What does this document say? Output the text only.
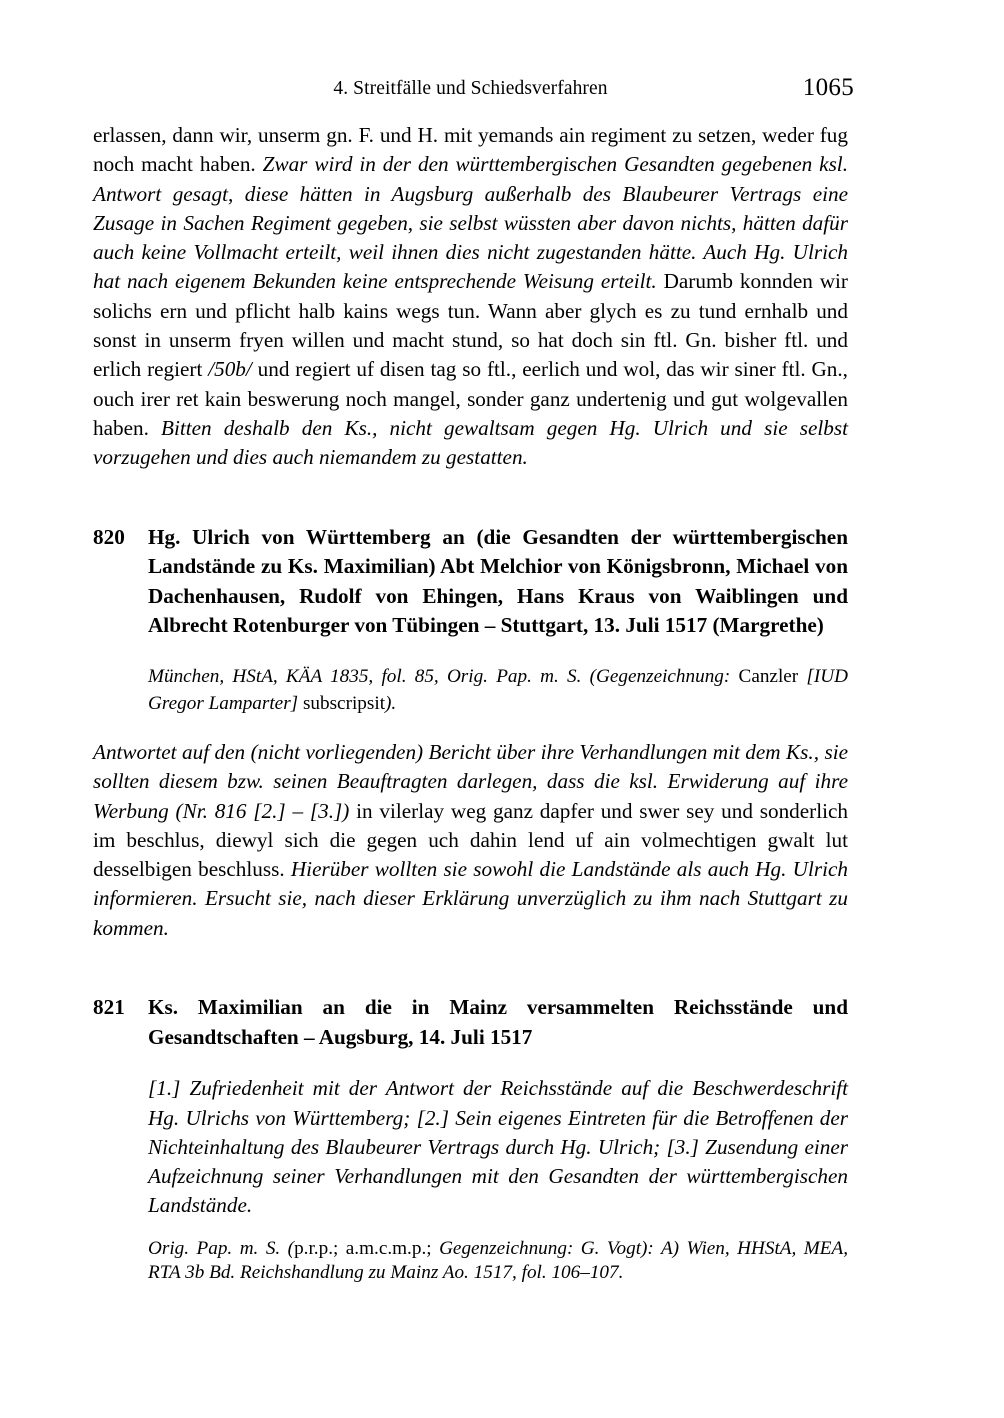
4. Streitfälle und Schiedsverfahren	1065
erlassen, dann wir, unserm gn. F. und H. mit yemands ain regiment zu setzen, weder fug noch macht haben. Zwar wird in der den württembergischen Gesandten gegebenen ksl. Antwort gesagt, diese hätten in Augsburg außerhalb des Blaubeurer Vertrags eine Zusage in Sachen Regiment gegeben, sie selbst wüssten aber davon nichts, hätten dafür auch keine Vollmacht erteilt, weil ihnen dies nicht zugestanden hätte. Auch Hg. Ulrich hat nach eigenem Bekunden keine entsprechende Weisung erteilt. Darumb konnden wir solichs ern und pflicht halb kains wegs tun. Wann aber glych es zu tund ernhalb und sonst in unserm fryen willen und macht stund, so hat doch sin ftl. Gn. bisher ftl. und erlich regiert /50b/ und regiert uf disen tag so ftl., eerlich und wol, das wir siner ftl. Gn., ouch irer ret kain beswerung noch mangel, sonder ganz undertenig und gut wolgevallen haben. Bitten deshalb den Ks., nicht gewaltsam gegen Hg. Ulrich und sie selbst vorzugehen und dies auch niemandem zu gestatten.
820	Hg. Ulrich von Württemberg an (die Gesandten der württembergischen Landstände zu Ks. Maximilian) Abt Melchior von Königsbronn, Michael von Dachenhausen, Rudolf von Ehingen, Hans Kraus von Waiblingen und Albrecht Rotenburger von Tübingen – Stuttgart, 13. Juli 1517 (Margrethe)
München, HStA, KÄA 1835, fol. 85, Orig. Pap. m. S. (Gegenzeichnung: Canzler [IUD Gregor Lamparter] subscripsit).
Antwortet auf den (nicht vorliegenden) Bericht über ihre Verhandlungen mit dem Ks., sie sollten diesem bzw. seinen Beauftragten darlegen, dass die ksl. Erwiderung auf ihre Werbung (Nr. 816 [2.] – [3.]) in vilerlay weg ganz dapfer und swer sey und sonderlich im beschlus, diewyl sich die gegen uch dahin lend uf ain volmechtigen gwalt lut desselbigen beschluss. Hierüber wollten sie sowohl die Landstände als auch Hg. Ulrich informieren. Ersucht sie, nach dieser Erklärung unverzüglich zu ihm nach Stuttgart zu kommen.
821	Ks. Maximilian an die in Mainz versammelten Reichsstände und Gesandtschaften – Augsburg, 14. Juli 1517
[1.] Zufriedenheit mit der Antwort der Reichsstände auf die Beschwerdeschrift Hg. Ulrichs von Württemberg; [2.] Sein eigenes Eintreten für die Betroffenen der Nichteinhaltung des Blaubeurer Vertrags durch Hg. Ulrich; [3.] Zusendung einer Aufzeichnung seiner Verhandlungen mit den Gesandten der württembergischen Landstände.
Orig. Pap. m. S. (p.r.p.; a.m.c.m.p.; Gegenzeichnung: G. Vogt): A) Wien, HHStA, MEA, RTA 3b Bd. Reichshandlung zu Mainz Ao. 1517, fol. 106–107.
